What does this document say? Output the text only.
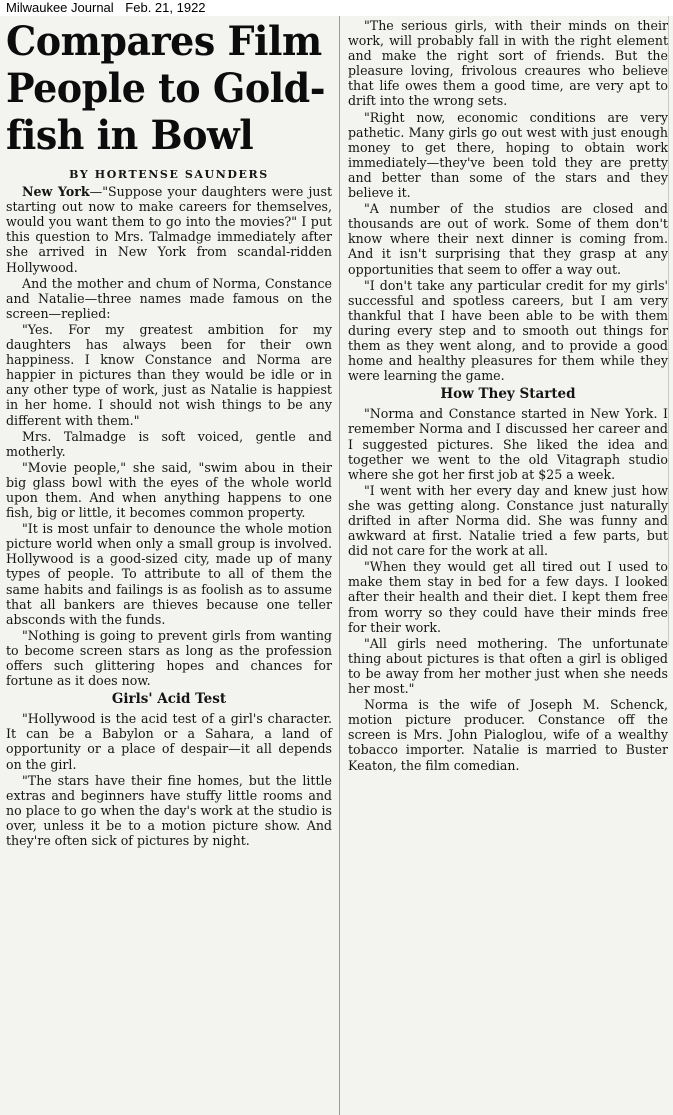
Milwaukee Journal Feb. 21, 1922
Compares Film
People to Gold-
fish in Bowl
BY HORTENSE SAUNDERS

New York—"Suppose your daughters were just starting out now to make careers for themselves, would you want them to go into the movies?" I put this question to Mrs. Talmadge immediately after she arrived in New York from scandal-ridden Hollywood.

And the mother and chum of Norma, Constance and Natalie—three names made famous on the screen—replied:

"Yes. For my greatest ambition for my daughters has always been for their own happiness. I know Constance and Norma are happier in pictures than they would be idle or in any other type of work, just as Natalie is happiest in her home. I should not wish things to be any different with them."

Mrs. Talmadge is soft voiced, gentle and motherly.

"Movie people," she said, "swim abou in their big glass bowl with the eyes of the whole world upon them. And when anything happens to one fish, big or little, it becomes common property.

"It is most unfair to denounce the whole motion picture world when only a small group is involved. Hollywood is a good-sized city, made up of many types of people. To attribute to all of them the same habits and failings is as foolish as to assume that all bankers are thieves because one teller absconds with the funds.

"Nothing is going to prevent girls from wanting to become screen stars as long as the profession offers such glittering hopes and chances for fortune as it does now.

Girls' Acid Test

"Hollywood is the acid test of a girl's character. It can be a Babylon or a Sahara, a land of opportunity or a place of despair—it all depends on the girl.

"The stars have their fine homes, but the little extras and beginners have stuffy little rooms and no place to go when the day's work at the studio is over, unless it be to a motion picture show. And they're often sick of pictures by night.

"The serious girls, with their minds on their work, will probably fall in with the right element and make the right sort of friends. But the pleasure loving, frivolous creaures who believe that life owes them a good time, are very apt to drift into the wrong sets.

"Right now, economic conditions are very pathetic. Many girls go out west with just enough money to get there, hoping to obtain work immediately—they've been told they are pretty and better than some of the stars and they believe it.

"A number of the studios are closed and thousands are out of work. Some of them don't know where their next dinner is coming from. And it isn't surprising that they grasp at any opportunities that seem to offer a way out.

"I don't take any particular credit for my girls' successful and spotless careers, but I am very thankful that I have been able to be with them during every step and to smooth out things for them as they went along, and to provide a good home and healthy pleasures for them while they were learning the game.

How They Started

"Norma and Constance started in New York. I remember Norma and I discussed her career and I suggested pictures. She liked the idea and together we went to the old Vitagraph studio where she got her first job at $25 a week.

"I went with her every day and knew just how she was getting along. Constance just naturally drifted in after Norma did. She was funny and awkward at first. Natalie tried a few parts, but did not care for the work at all.

"When they would get all tired out I used to make them stay in bed for a few days. I looked after their health and their diet. I kept them free from worry so they could have their minds free for their work.

"All girls need mothering. The unfortunate thing about pictures is that often a girl is obliged to be away from her mother just when she needs her most."

Norma is the wife of Joseph M. Schenck, motion picture producer. Constance off the screen is Mrs. John Pialoglou, wife of a wealthy tobacco importer. Natalie is married to Buster Keaton, the film comedian.
